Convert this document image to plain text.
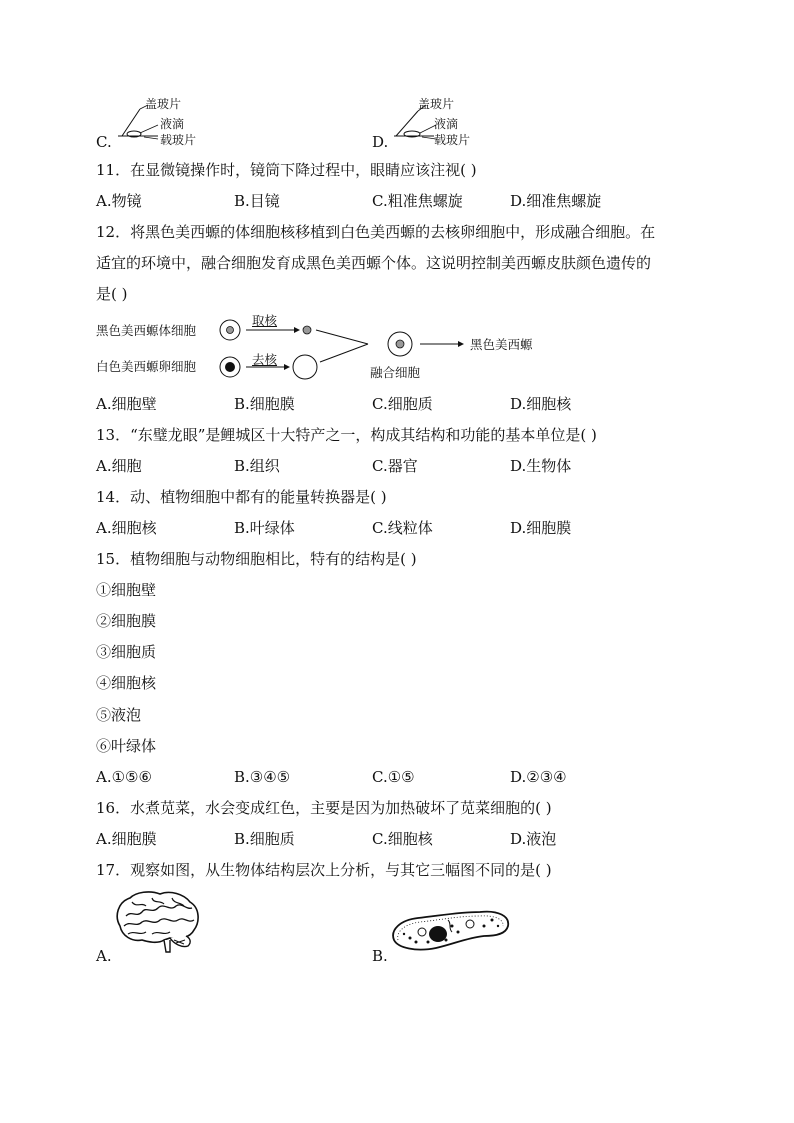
C.
盖玻片
液滴
载玻片	D.
盖玻片
液滴
载玻片
11．在显微镜操作时，镜筒下降过程中，眼睛应该注视( )
A.物镜	B.目镜	C.粗准焦螺旋	D.细准焦螺旋
12．将黑色美西螈的体细胞核移植到白色美西螈的去核卵细胞中，形成融合细胞。在
适宜的环境中，融合细胞发育成黑色美西螈个体。这说明控制美西螈皮肤颜色遗传的
是( )
黑色美西螈体细胞
白色美西螈卵细胞
取核
去核
融合细胞
黑色美西螈
A.细胞壁	B.细胞膜	C.细胞质	D.细胞核
13．“东璧龙眼”是鲤城区十大特产之一，构成其结构和功能的基本单位是( )
A.细胞	B.组织	C.器官	D.生物体
14．动、植物细胞中都有的能量转换器是( )
A.细胞核	B.叶绿体	C.线粒体	D.细胞膜
15．植物细胞与动物细胞相比，特有的结构是( )
①细胞壁
②细胞膜
③细胞质
④细胞核
⑤液泡
⑥叶绿体
A.①⑤⑥	B.③④⑤	C.①⑤	D.②③④
16．水煮苋菜，水会变成红色，主要是因为加热破坏了苋菜细胞的( )
A.细胞膜	B.细胞质	C.细胞核	D.液泡
17．观察如图，从生物体结构层次上分析，与其它三幅图不同的是( )
A.	B.
